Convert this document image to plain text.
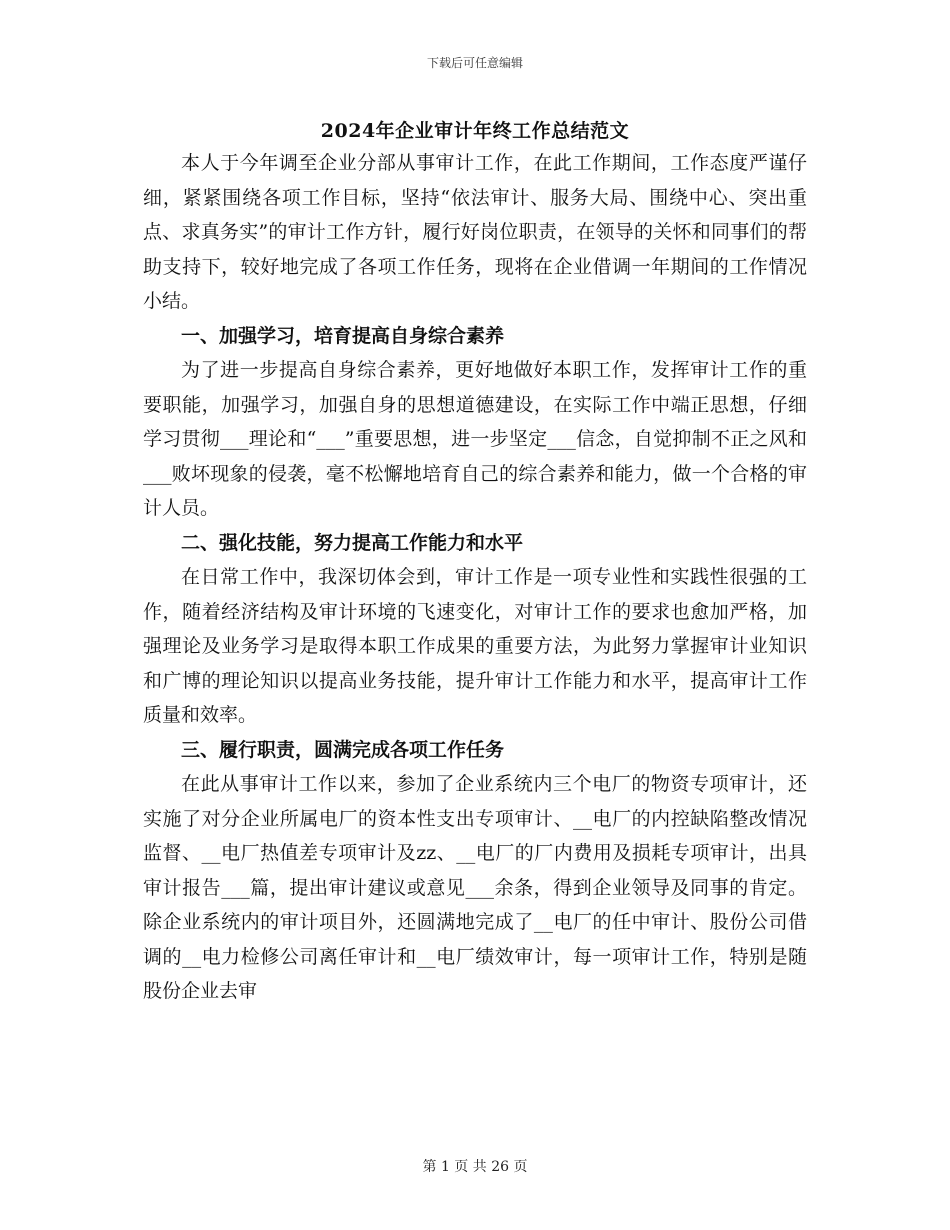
下载后可任意编辑
2024年企业审计年终工作总结范文

本人于今年调至企业分部从事审计工作，在此工作期间，工作态度严谨仔细，紧紧围绕各项工作目标，坚持“依法审计、服务大局、围绕中心、突出重点、求真务实”的审计工作方针，履行好岗位职责，在领导的关怀和同事们的帮助支持下，较好地完成了各项工作任务，现将在企业借调一年期间的工作情况小结。

一、加强学习，培育提高自身综合素养

为了进一步提高自身综合素养，更好地做好本职工作，发挥审计工作的重要职能，加强学习，加强自身的思想道德建设，在实际工作中端正思想，仔细学习贯彻___理论和“___”重要思想，进一步坚定___信念，自觉抑制不正之风和___败坏现象的侵袭，毫不松懈地培育自己的综合素养和能力，做一个合格的审计人员。

二、强化技能，努力提高工作能力和水平

在日常工作中，我深切体会到，审计工作是一项专业性和实践性很强的工作，随着经济结构及审计环境的飞速变化，对审计工作的要求也愈加严格，加强理论及业务学习是取得本职工作成果的重要方法，为此努力掌握审计业知识和广博的理论知识以提高业务技能，提升审计工作能力和水平，提高审计工作质量和效率。

三、履行职责，圆满完成各项工作任务

在此从事审计工作以来，参加了企业系统内三个电厂的物资专项审计，还实施了对分企业所属电厂的资本性支出专项审计、__电厂的内控缺陷整改情况监督、__电厂热值差专项审计及zz、__电厂的厂内费用及损耗专项审计，出具审计报告___篇，提出审计建议或意见___余条，得到企业领导及同事的肯定。除企业系统内的审计项目外，还圆满地完成了__电厂的任中审计、股份公司借调的__电力检修公司离任审计和__电厂绩效审计，每一项审计工作，特别是随股份企业去审

第 1 页 共 26 页
